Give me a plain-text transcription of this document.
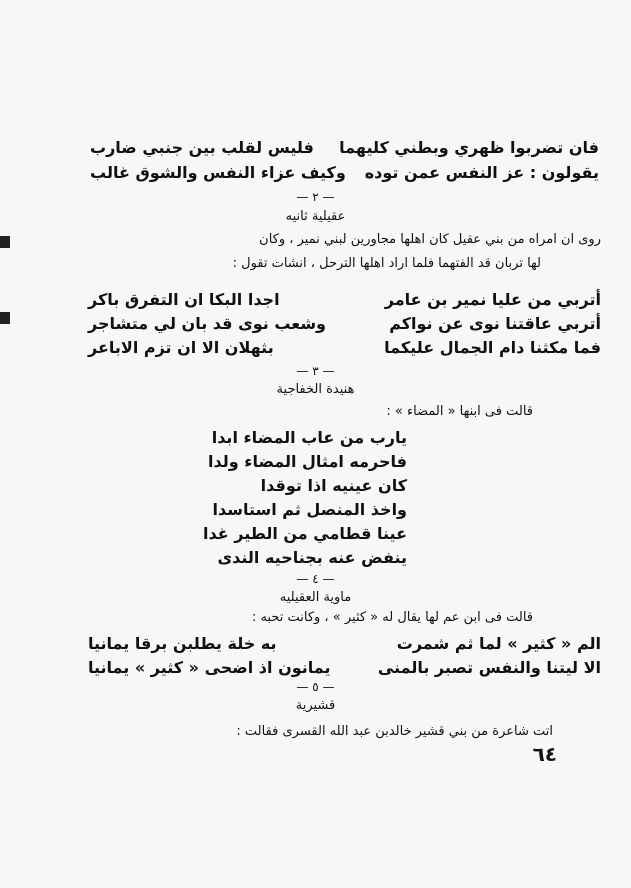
فان تضربوا ظهري وبطني كليهما
فليس لقلب بين جنبي ضارب
يقولون : عز النفس عمن توده
وكيف عزاء النفس والشوق غالب
— ٢ —
عقيلية ثانيه
روى ان امراه من بني عقيل كان اهلها مجاورين لبني نمير ، وكان
لها تربان قد الفتهما فلما اراد اهلها الترحل ، انشات تقول :
أتربي من عليا نمير بن عامر
اجدا البكا ان التفرق باكر
أتربي عاقتنا نوى عن نواكم
وشعب نوى قد بان لي متشاجر
فما مكثنا دام الجمال عليكما
بثهلان الا ان تزم الاباعر
— ٣ —
هنيدة الخفاجية
قالت فى ابنها « المضاء » :
يارب من عاب المضاء ابدا
فاحرمه امثال المضاء ولدا
كان عينيه اذا توقدا
واخذ المنصل ثم استاسدا
عينا قطامي من الطير غدا
ينفض عنه بجناحيه الندى
— ٤ —
ماوية العقيليه
قالت فى ابن عم لها يقال له « كثير » ، وكانت تحبه :
الم « كثير » لما ثم شمرت
به خلة يطلبن برقا يمانيا
الا ليتنا والنفس تصبر بالمنى
يمانون اذ اضحى « كثير » يمانيا
— ٥ —
قشيرية
اتت شاعرة من بني قشير خالدبن عبد الله القسرى فقالت :
٦٤
